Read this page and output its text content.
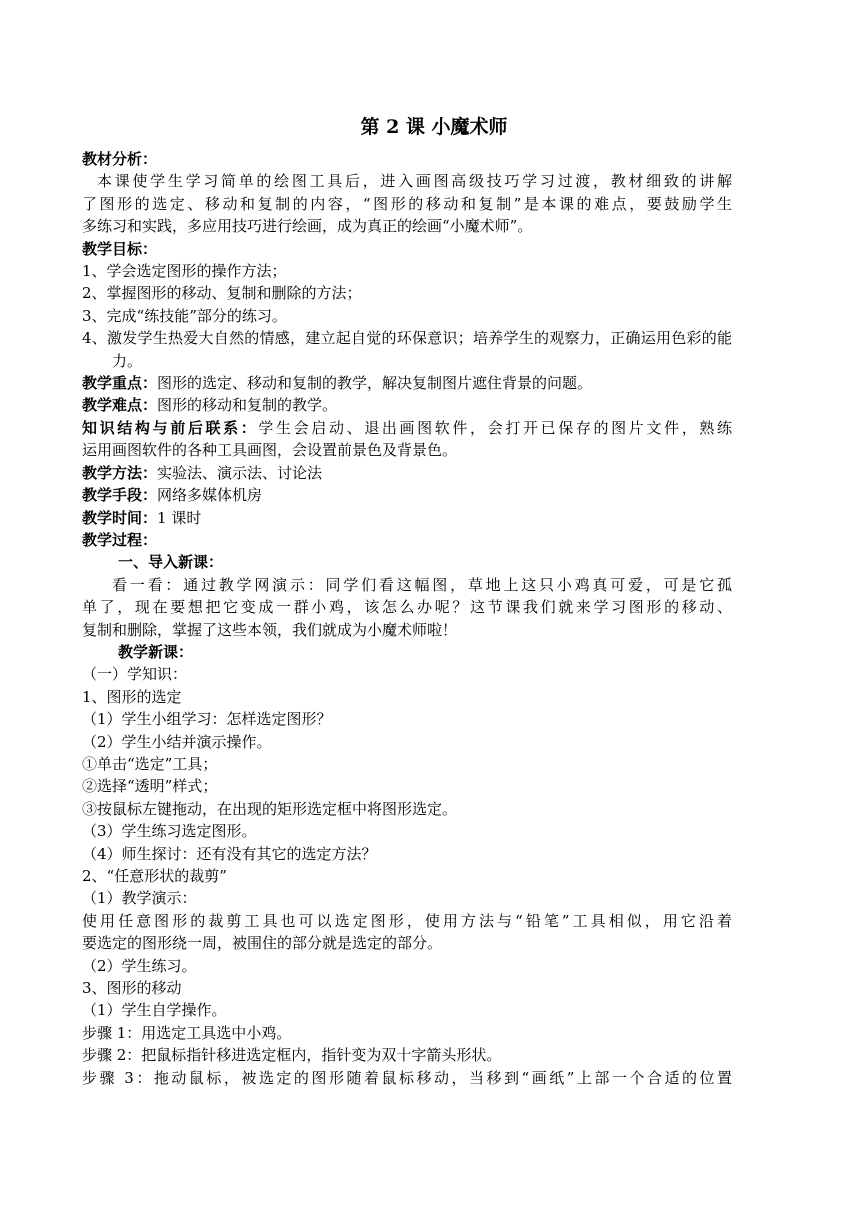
第 2 课 小魔术师
教材分析：
本课使学生学习简单的绘图工具后，进入画图高级技巧学习过渡，教材细致的讲解
了图形的选定、移动和复制的内容，“图形的移动和复制”是本课的难点，要鼓励学生
多练习和实践，多应用技巧进行绘画，成为真正的绘画“小魔术师”。
教学目标：
1、学会选定图形的操作方法；
2、掌握图形的移动、复制和删除的方法；
3、完成“练技能”部分的练习。
4、激发学生热爱大自然的情感，建立起自觉的环保意识；培养学生的观察力，正确运用色彩的能力。
教学重点：图形的选定、移动和复制的教学，解决复制图片遮住背景的问题。
教学难点：图形的移动和复制的教学。
知识结构与前后联系：学生会启动、退出画图软件，会打开已保存的图片文件，熟练
运用画图软件的各种工具画图，会设置前景色及背景色。
教学方法：实验法、演示法、讨论法
教学手段：网络多媒体机房
教学时间：1 课时
教学过程：
一、导入新课：
看一看：通过教学网演示：同学们看这幅图，草地上这只小鸡真可爱，可是它孤
单了，现在要想把它变成一群小鸡，该怎么办呢？这节课我们就来学习图形的移动、
复制和删除，掌握了这些本领，我们就成为小魔术师啦！
教学新课：
（一）学知识：
1、图形的选定
（1）学生小组学习：怎样选定图形？
（2）学生小结并演示操作。
①单击“选定”工具；
②选择“透明”样式；
③按鼠标左键拖动，在出现的矩形选定框中将图形选定。
（3）学生练习选定图形。
（4）师生探讨：还有没有其它的选定方法？
2、“任意形状的裁剪”
（1）教学演示：
使用任意图形的裁剪工具也可以选定图形，使用方法与“铅笔”工具相似，用它沿着
要选定的图形绕一周，被围住的部分就是选定的部分。
（2）学生练习。
3、图形的移动
（1）学生自学操作。
步骤 1：用选定工具选中小鸡。
步骤 2：把鼠标指针移进选定框内，指针变为双十字箭头形状。
步骤 3：拖动鼠标，被选定的图形随着鼠标移动，当移到“画纸”上部一个合适的位置
